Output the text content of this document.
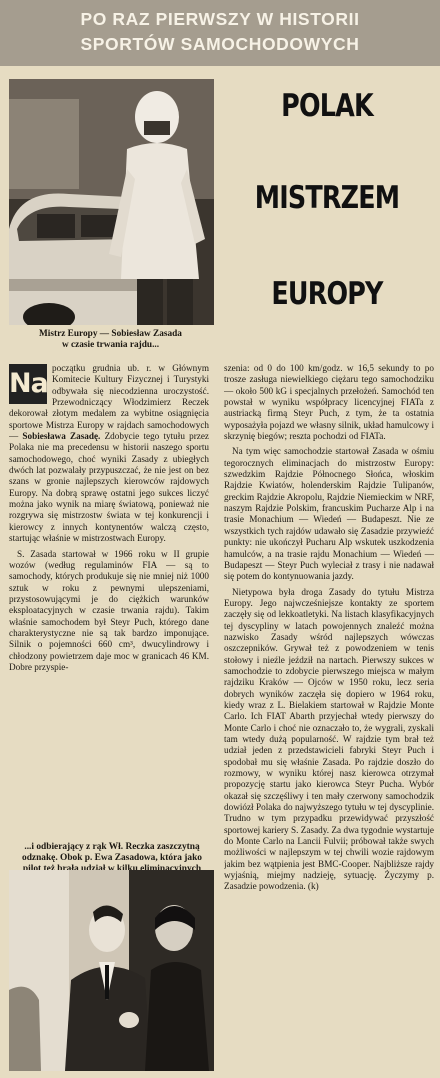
PO RAZ PIERWSZY W HISTORII
SPORTÓW SAMOCHODOWYCH
POLAK
MISTRZEM
EUROPY
Mistrz Europy — Sobiesław Zasada
w czasie trwania rajdu...

Na początku grudnia ub. r. w Głównym Komitecie Kultury Fizycznej i Turystyki odbywała się niecodzienna uroczystość. Przewodniczący Włodzimierz Reczek dekorował złotym medalem za wybitne osiągnięcia sportowe Mistrza Europy w rajdach samochodowych — Sobiesława Zasadę. Zdobycie tego tytułu przez Polaka nie ma precedensu w historii naszego sportu samochodowego, choć wyniki Zasady z ubiegłych dwóch lat pozwalały przypuszczać, że nie jest on bez szans w gronie najlepszych kierowców rajdowych Europy. Na dobrą sprawę ostatni jego sukces liczyć można jako wynik na miarę światową, ponieważ nie rozgrywa się mistrzostw świata w tej konkurencji i kierowcy z innych kontynentów walczą często, startując właśnie w mistrzostwach Europy.

S. Zasada startował w 1966 roku w II grupie wozów (według regulaminów FIA — są to samochody, których produkuje się nie mniej niż 1000 sztuk w roku z pewnymi ulepszeniami, przystosowującymi je do ciężkich warunków eksploatacyjnych w czasie trwania rajdu). Takim właśnie samochodem był Steyr Puch, którego dane charakterystyczne nie są tak bardzo imponujące. Silnik o pojemności 660 cm³, dwucylindrowy i chłodzony powietrzem daje moc w granicach 46 KM. Dobre przyspie-

...i odbierający z rąk Wł. Reczka zaszczytną odznakę. Obok p. Ewa Zasadowa, która jako

szenia: od 0 do 100 km/godz. w 16,5 sekundy to po trosze zasługa niewielkiego ciężaru tego samochodziku — około 500 kG i specjalnych przełożeń. Samochód ten powstał w wyniku współpracy licencyjnej FIATa z austriacką firmą Steyr Puch, z tym, że ta ostatnia wyposażyła pojazd we własny silnik, układ hamulcowy i skrzynię biegów; reszta pochodzi od FIATa.

Na tym więc samochodzie startował Zasada w ośmiu tegorocznych eliminacjach do mistrzostw Europy: szwedzkim Rajdzie Północnego Słońca, włoskim Rajdzie Kwiatów, holenderskim Rajdzie Tulipanów, greckim Rajdzie Akropolu, Rajdzie Niemieckim w NRF, naszym Rajdzie Polskim, francuskim Pucharze Alp i na trasie Monachium — Wiedeń — Budapeszt. Nie ze wszystkich tych rajdów udawało się Zasadzie przywieźć punkty: nie ukończył Pucharu Alp wskutek uszkodzenia hamulców, a na trasie rajdu Monachium — Wiedeń — Budapeszt — Steyr Puch wyleciał z trasy i nie nadawał się potem do kontynuowania jazdy.

Nietypowa była droga Zasady do tytułu Mistrza Europy. Jego najwcześniejsze kontakty ze sportem zaczęły się od lekkoatletyki. Na listach klasyfikacyjnych tej dyscypliny w latach powojennych znaleźć można nazwisko Zasady wśród najlepszych wówczas oszczepników. Grywał też z powodzeniem w tenis stołowy i nieźle jeździł na nartach. Pierwszy sukces w samochodzie to zdobycie pierwszego miejsca w małym rajdziku Kraków — Ojców w 1950 roku, lecz seria dobrych wyników zaczęła się dopiero w 1964 roku, kiedy wraz z L. Bielakiem startował w Rajdzie Monte Carlo. Ich FIAT Abarth przyjechał wtedy pierwszy do Monte Carlo i choć nie oznaczało to, że wygrali, zyskali tam wtedy dużą popularność. W rajdzie tym brał też udział jeden z przedstawicieli fabryki Steyr Puch i spodobał mu się właśnie Zasada. Po rajdzie doszło do rozmowy, w wyniku której nasz kierowca otrzymał propozycję startu jako kierowca Steyr Pucha. Wybór okazał się szczęśliwy i ten mały czerwony samochodzik dowiózł Polaka do najwyższego tytułu w tej dyscyplinie. Trudno w tym przypadku przewidywać przyszłość sportowej kariery S. Zasady. Za dwa tygodnie wystartuje do Monte Carlo na Lancii Fulvii; próbował także swych możliwości w najlepszym w tej chwili wozie rajdowym jakim bez wątpienia jest BMC-Cooper. Najbliższe rajdy wyjaśnią, miejmy nadzieję, sytuację. Życzymy p. Zasadzie powodzenia. (k)
